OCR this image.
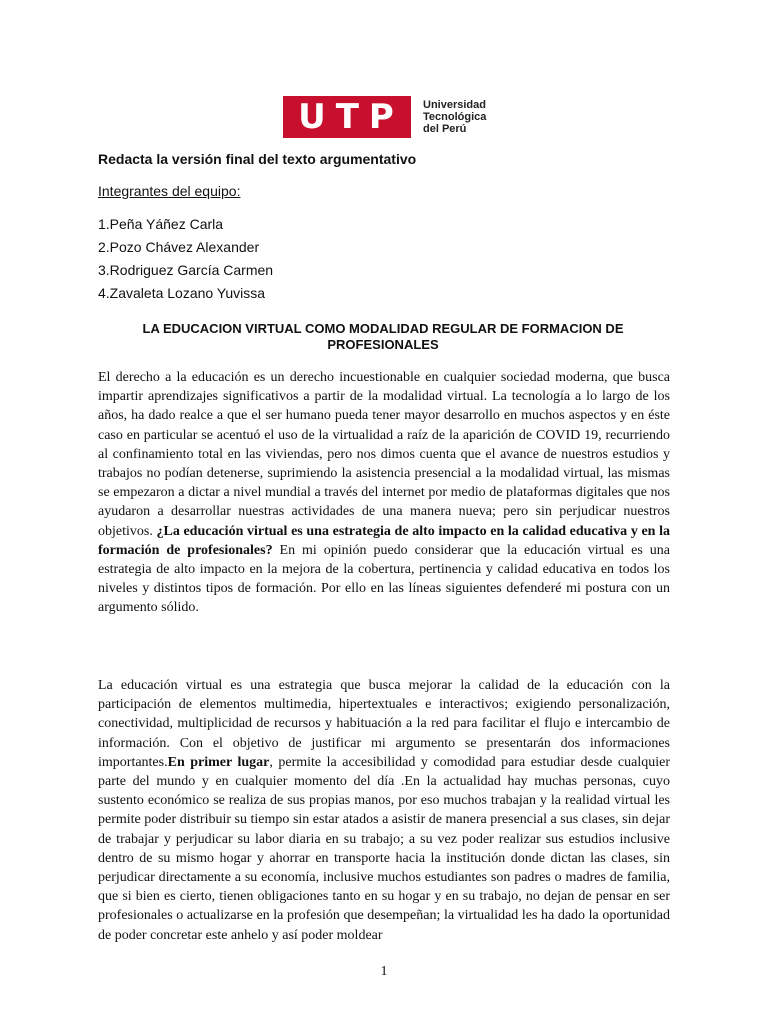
UTP	Universidad
Tecnológica
del Perú
Redacta la versión final del texto argumentativo
Integrantes del equipo:
1.Peña Yáñez Carla
2.Pozo Chávez Alexander
3.Rodriguez García Carmen
4.Zavaleta Lozano Yuvissa
LA EDUCACION VIRTUAL COMO MODALIDAD REGULAR DE FORMACION DE PROFESIONALES
El derecho a la educación es un derecho incuestionable en cualquier sociedad moderna, que busca impartir aprendizajes significativos a partir de la modalidad virtual. La tecnología a lo largo de los años, ha dado realce a que el ser humano pueda tener mayor desarrollo en muchos aspectos y en éste caso en particular se acentuó el uso de la virtualidad a raíz de la aparición de COVID 19, recurriendo al confinamiento total en las viviendas, pero nos dimos cuenta que el avance de nuestros estudios y trabajos no podían detenerse, suprimiendo la asistencia presencial a la modalidad virtual, las mismas se empezaron a dictar a nivel mundial a través del internet por medio de plataformas digitales que nos ayudaron a desarrollar nuestras actividades de una manera nueva; pero sin perjudicar nuestros objetivos. ¿La educación virtual es una estrategia de alto impacto en la calidad educativa y en la formación de profesionales? En mi opinión puedo considerar que la educación virtual es una estrategia de alto impacto en la mejora de la cobertura, pertinencia y calidad educativa en todos los niveles y distintos tipos de formación. Por ello en las líneas siguientes defenderé mi postura con un argumento sólido.
La educación virtual es una estrategia que busca mejorar la calidad de la educación con la participación de elementos multimedia, hipertextuales e interactivos; exigiendo personalización, conectividad, multiplicidad de recursos y habituación a la red para facilitar el flujo e intercambio de información. Con el objetivo de justificar mi argumento se presentarán dos informaciones importantes.En primer lugar, permite la accesibilidad y comodidad para estudiar desde cualquier parte del mundo y en cualquier momento del día .En la actualidad hay muchas personas, cuyo sustento económico se realiza de sus propias manos, por eso muchos trabajan y la realidad virtual les permite poder distribuir su tiempo sin estar atados a asistir de manera presencial a sus clases, sin dejar de trabajar y perjudicar su labor diaria en su trabajo; a su vez poder realizar sus estudios inclusive dentro de su mismo hogar y ahorrar en transporte hacia la institución donde dictan las clases, sin perjudicar directamente a su economía, inclusive muchos estudiantes son padres o madres de familia, que si bien es cierto, tienen obligaciones tanto en su hogar y en su trabajo, no dejan de pensar en ser profesionales o actualizarse en la profesión que desempeñan; la virtualidad les ha dado la oportunidad de poder concretar este anhelo y así poder moldear
1
